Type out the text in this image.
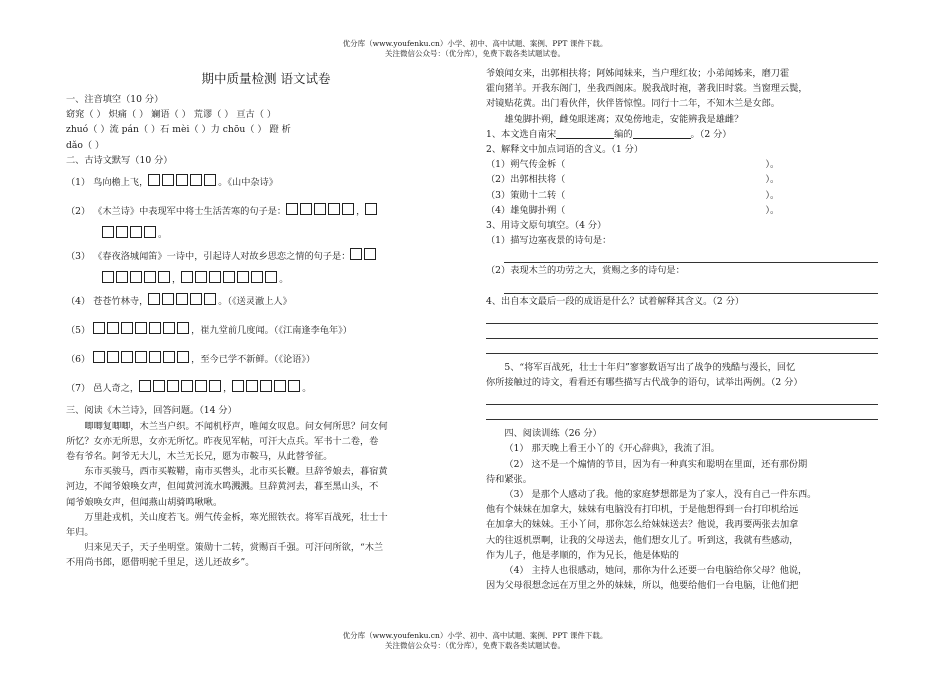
优分库（www.youfenku.cn）小学、初中、高中试题、案例、PPT 课件下载。
关注微信公众号：（优分库），免费下载各类试题试卷。
期中质量检测 语文试卷
一、注音填空（10 分）
窈窕（ ） 炽痛（ ） 斓语（ ） 荒谬（ ） 亘古（ ）
zhuó（ ）流 pán（ ）石 mèi（ ）力 chōu（ ） 蹬 析
dǎo（ ）
二、古诗文默写（10 分）
（1） 鸟向檐上飞，	。《山中杂诗》
（2） 《木兰诗》中表现军中将士生活苦寒的句子是：	，
。
（3） 《春夜洛城闻笛》一诗中，引起诗人对故乡思恋之情的句子是：
，	。
（4） 苍苍竹林寺，	。（《送灵澈上人》
（5）	，崔九堂前几度闻。（《江南逢李龟年》）
（6）	，至今已学不新鲜。（《论语》）
（7） 邑人奇之，	，	。
三、阅读《木兰诗》，回答问题。（14 分）
唧唧复唧唧，木兰当户织。不闻机杼声，唯闻女叹息。问女何所思？问女何
所忆？女亦无所思，女亦无所忆。昨夜见军帖，可汗大点兵。军书十二卷，卷
卷有爷名。阿爷无大儿，木兰无长兄，愿为市鞍马，从此替爷征。
东市买骏马，西市买鞍鞯，南市买辔头，北市买长鞭。旦辞爷娘去，暮宿黄
河边，不闻爷娘唤女声，但闻黄河流水鸣溅溅。旦辞黄河去，暮至黑山头，不
闻爷娘唤女声，但闻燕山胡骑鸣啾啾。
万里赴戎机，关山度若飞。朔气传金柝，寒光照铁衣。将军百战死，壮士十
年归。
归来见天子，天子坐明堂。策勋十二转，赏赐百千强。可汗问所欲，“木兰
不用尚书郎，愿借明驼千里足，送儿还故乡”。
爷娘闻女来，出郭相扶将；阿姊闻妹来，当户理红妆；小弟闻姊来，磨刀霍
霍向猪羊。开我东阁门，坐我西阁床。脱我战时袍，著我旧时裳。当窗理云鬓，
对镜贴花黄。出门看伙伴，伙伴皆惊惶。同行十二年，不知木兰是女郎。
雄兔脚扑朔，雌兔眼迷离；双兔傍地走，安能辨我是雄雌？
1、本文选自南宋	编的	。（2 分）
2、解释文中加点词语的含义。（1 分）
（1）朔气传金柝（	）。
（2）出郭相扶将（	）。
（3）策勋十二转（	）。
（4）雄兔脚扑朔（	）。
3、用诗文原句填空。（4 分）
（1）描写边塞夜景的诗句是：
（2）表现木兰的功劳之大，赏赐之多的诗句是：
4、出自本文最后一段的成语是什么？试着解释其含义。（2 分）
5、“将军百战死，壮士十年归”寥寥数语写出了战争的残酷与漫长，回忆
你所接触过的诗文，看看还有哪些描写古代战争的语句，试举出两例。（2 分）
四、阅读训练（26 分）
（1） 那天晚上看王小丫的《开心辞典》，我流了泪。
（2） 这不是一个煽情的节目，因为有一种真实和聪明在里面，还有那份期
待和紧张。
（3） 是那个人感动了我。他的家庭梦想都是为了家人，没有自己一件东西。
他有个妹妹在加拿大，妹妹有电脑没有打印机，于是他想得到一台打印机给远
在加拿大的妹妹。王小丫问，那你怎么给妹妹送去？他说，我再要两张去加拿
大的往返机票啊，让我的父母送去，他们想女儿了。听到这，我就有些感动，
作为儿子，他是孝顺的，作为兄长，他是体贴的
（4） 主持人也很感动，她问，那你为什么还要一台电脑给你父母？他说，
因为父母很想念远在万里之外的妹妹，所以，他要给他们一台电脑，让他们把
优分库（www.youfenku.cn）小学、初中、高中试题、案例、PPT 课件下载。
关注微信公众号：（优分库），免费下载各类试题试卷。
